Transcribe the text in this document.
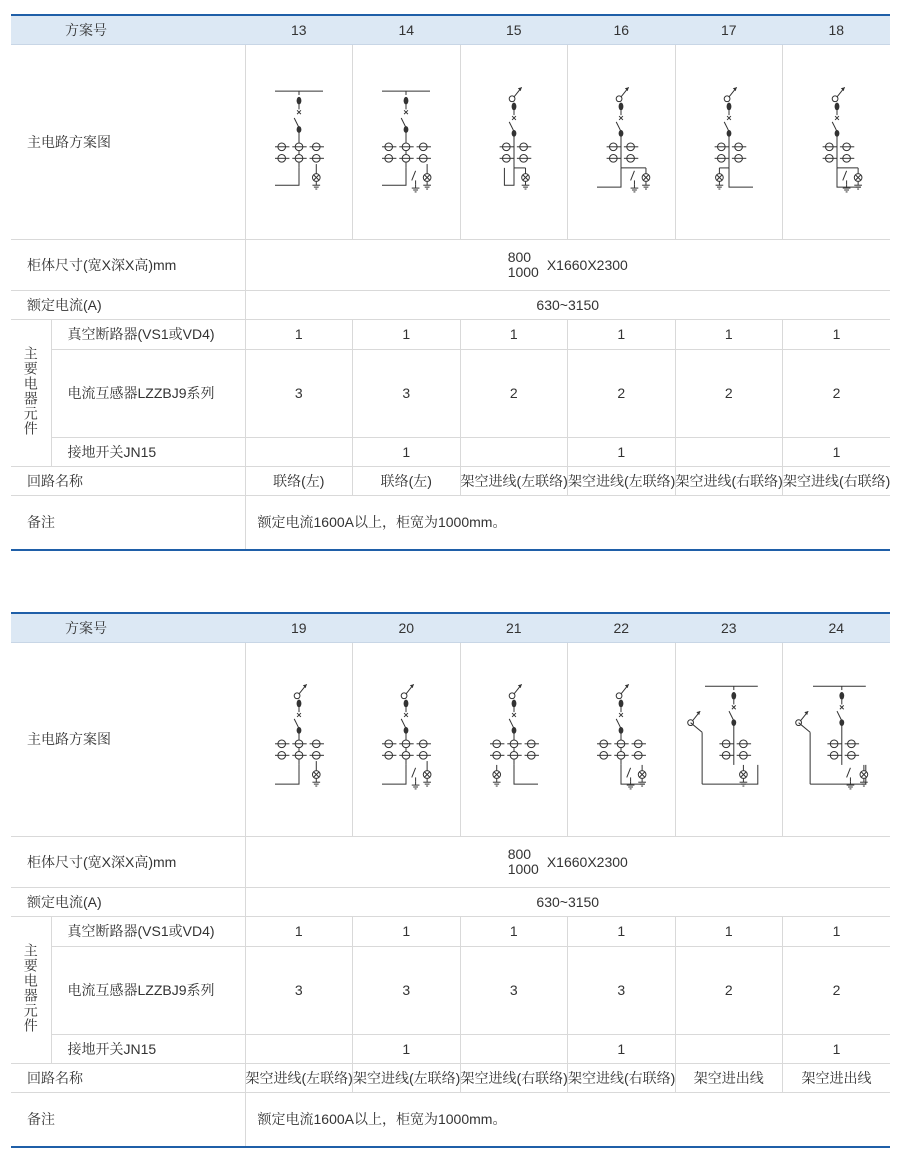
方案号		13	14	15	16	17	18
主电路方案图	

柜体尺寸(宽X深X高)mm		800
1000 X1660X2300					
额定电流(A)		630~3150					
主要电器元件	真空断路器(VS1或VD4)	1	1	1	1	1	1
	电流互感器LZZBJ9系列	3	3	2	2	2	2
	接地开关JN15		1		1		1
回路名称		联络(左)	联络(左)	架空进线(左联络)	架空进线(左联络)	架空进线(右联络)	架空进线(右联络)
备注		额定电流1600A以上，柜宽为1000mm。					
方案号		19	20	21	22	23	24
主电路方案图	

柜体尺寸(宽X深X高)mm		800
1000 X1660X2300					
额定电流(A)		630~3150					
主要电器元件	真空断路器(VS1或VD4)	1	1	1	1	1	1
	电流互感器LZZBJ9系列	3	3	3	3	2	2
	接地开关JN15		1		1		1
回路名称		架空进线(左联络)	架空进线(左联络)	架空进线(右联络)	架空进线(右联络)	架空进出线	架空进出线
备注		额定电流1600A以上，柜宽为1000mm。					
